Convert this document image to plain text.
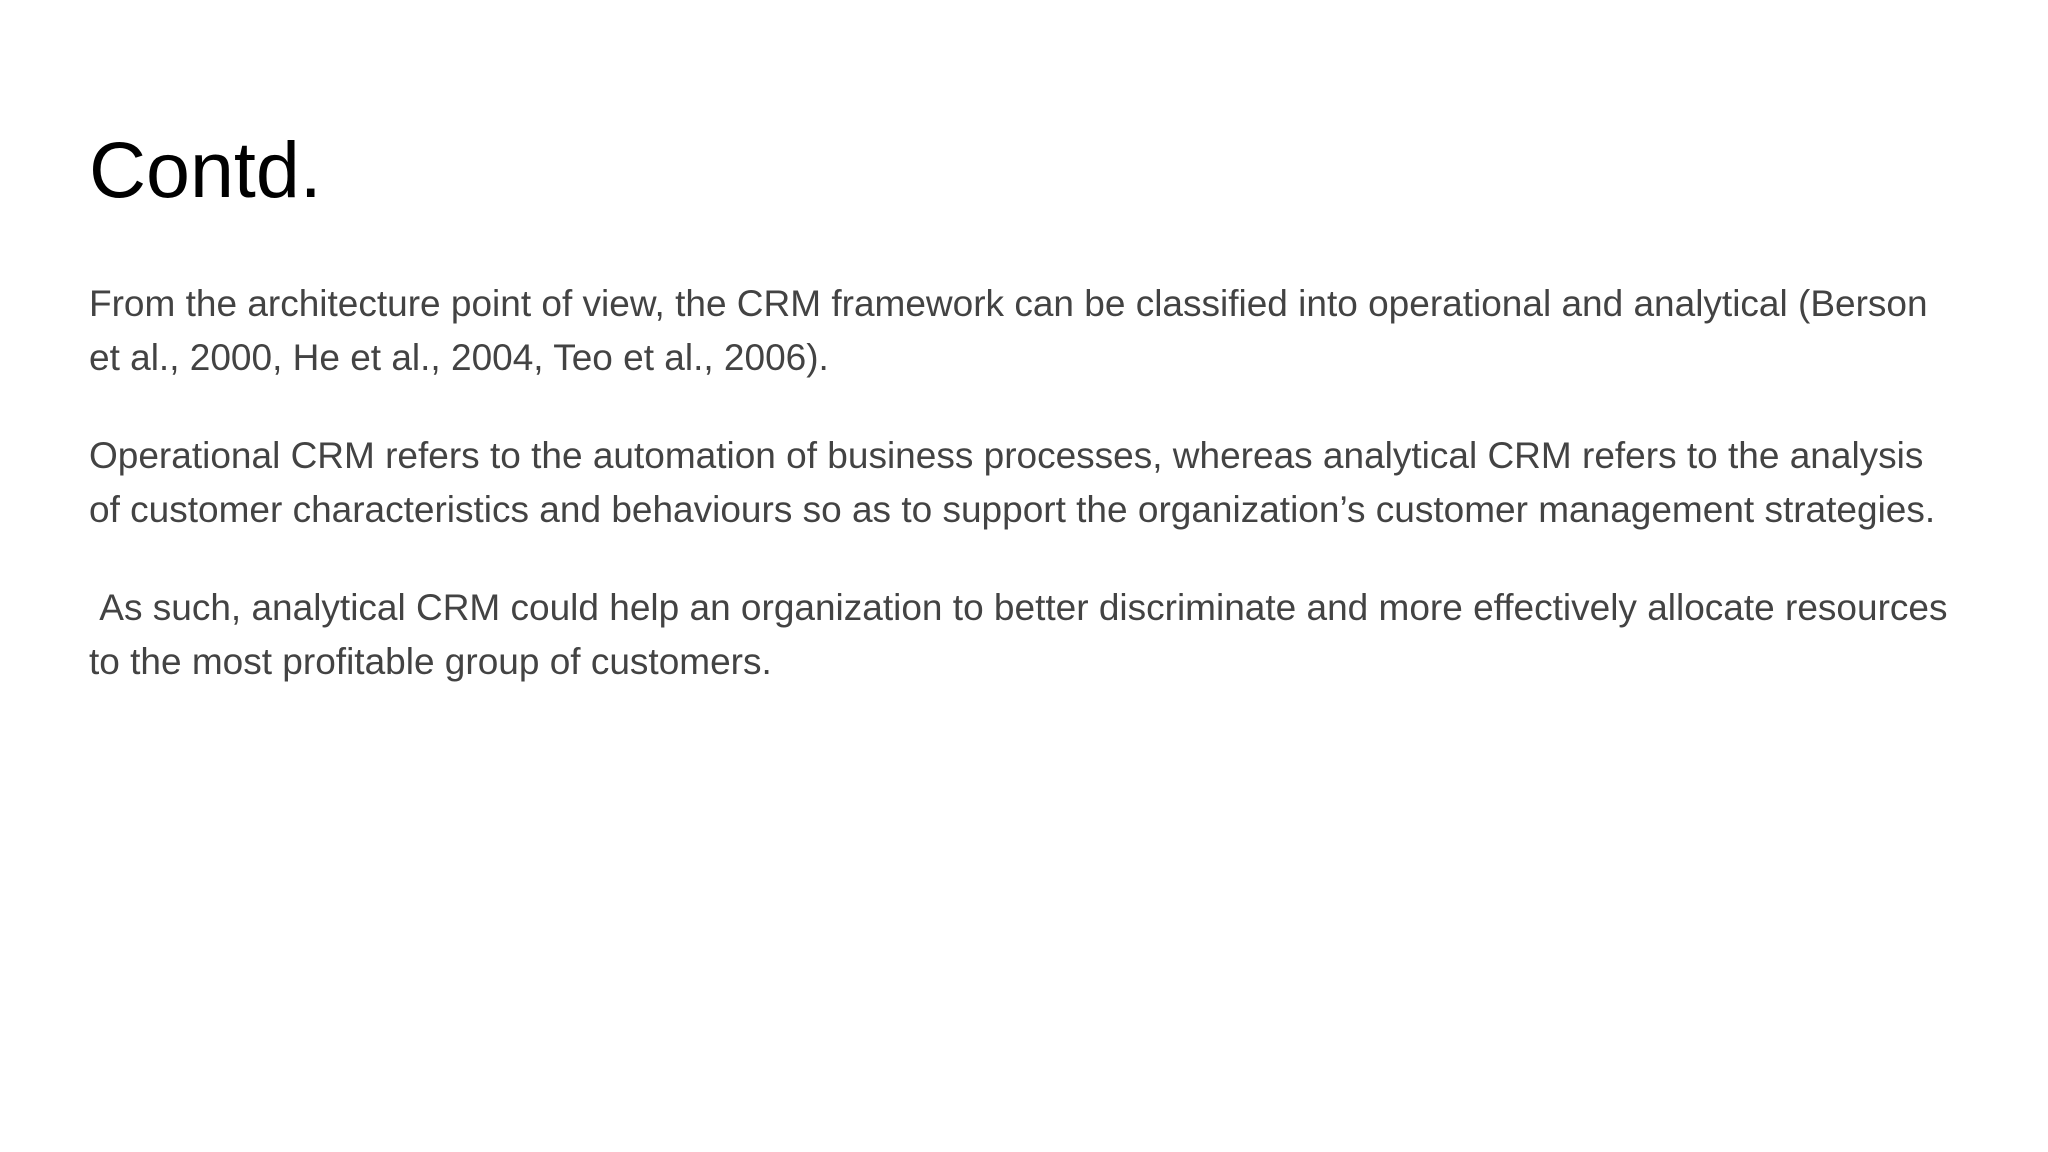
Contd.

From the architecture point of view, the CRM framework can be classified into operational and analytical (Berson et al., 2000, He et al., 2004, Teo et al., 2006).

Operational CRM refers to the automation of business processes, whereas analytical CRM refers to the analysis of customer characteristics and behaviours so as to support the organization’s customer management strategies.

As such, analytical CRM could help an organization to better discriminate and more effectively allocate resources to the most profitable group of customers.
